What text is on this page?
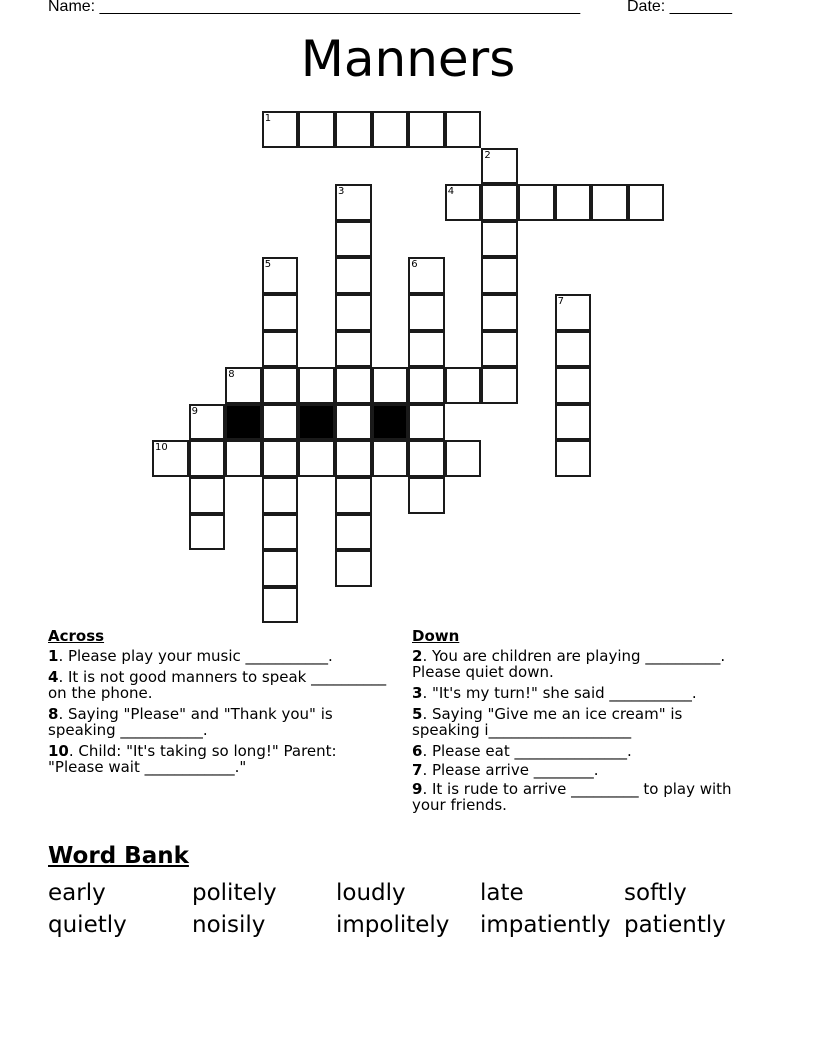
Name: ______________________________________________________	Date: _______
Manners
1
2
3	4
5	6
7
8
9
10
Across
1. Please play your music ___________.
4. It is not good manners to speak __________ on the phone.
8. Saying "Please" and "Thank you" is speaking ___________.
10. Child: "It's taking so long!" Parent: "Please wait ____________."
Down
2. You are children are playing __________. Please quiet down.
3. "It's my turn!" she said ___________.
5. Saying "Give me an ice cream" is speaking i___________________
6. Please eat _______________.
7. Please arrive ________.
9. It is rude to arrive _________ to play with your friends.
Word Bank
early	politely	loudly	late	softly
quietly	noisily	impolitely	impatiently patiently
